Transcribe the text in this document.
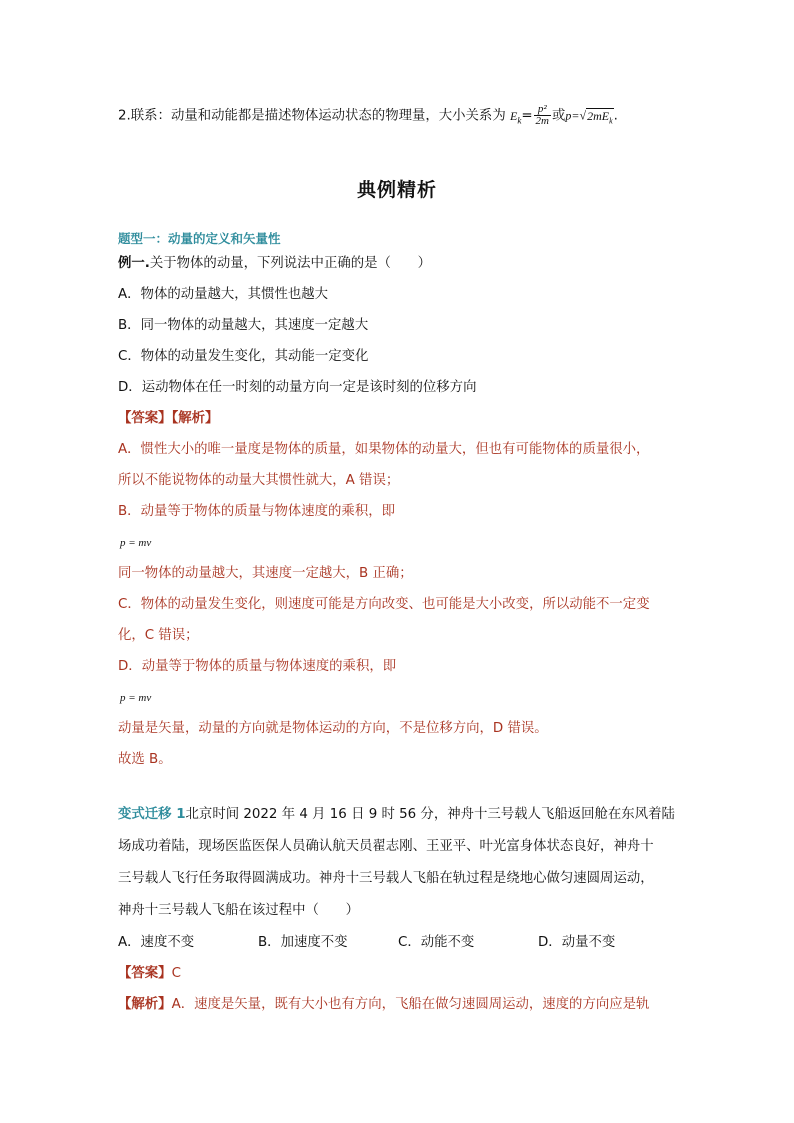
2.联系：动量和动能都是描述物体运动状态的物理量，大小关系为 $E_k= \frac{\text{p²}}{2m}$ 或$p=√2mE_k$.
典例精析
题型一：动量的定义和矢量性
例一.关于物体的动量，下列说法中正确的是（　　）
A．物体的动量越大，其惯性也越大
B．同一物体的动量越大，其速度一定越大
C．物体的动量发生变化，其动能一定变化
D．运动物体在任一时刻的动量方向一定是该时刻的位移方向
【答案】【解析】
A．惯性大小的唯一量度是物体的质量，如果物体的动量大，但也有可能物体的质量很小，
所以不能说物体的动量大其惯性就大，A 错误；
B．动量等于物体的质量与物体速度的乘积，即
p = mv
同一物体的动量越大，其速度一定越大，B 正确；
C．物体的动量发生变化，则速度可能是方向改变、也可能是大小改变，所以动能不一定变
化，C 错误；
D．动量等于物体的质量与物体速度的乘积，即
p = mv
动量是矢量，动量的方向就是物体运动的方向，不是位移方向，D 错误。
故选 B。
变式迁移 1北京时间 2022 年 4 月 16 日 9 时 56 分，神舟十三号载人飞船返回舱在东风着陆
场成功着陆，现场医监医保人员确认航天员翟志刚、王亚平、叶光富身体状态良好，神舟十
三号载人飞行任务取得圆满成功。神舟十三号载人飞船在轨过程是绕地心做匀速圆周运动，
神舟十三号载人飞船在该过程中（　　）
A．速度不变	B．加速度不变	C．动能不变	D．动量不变
【答案】C
【解析】A．速度是矢量，既有大小也有方向，飞船在做匀速圆周运动，速度的方向应是轨
